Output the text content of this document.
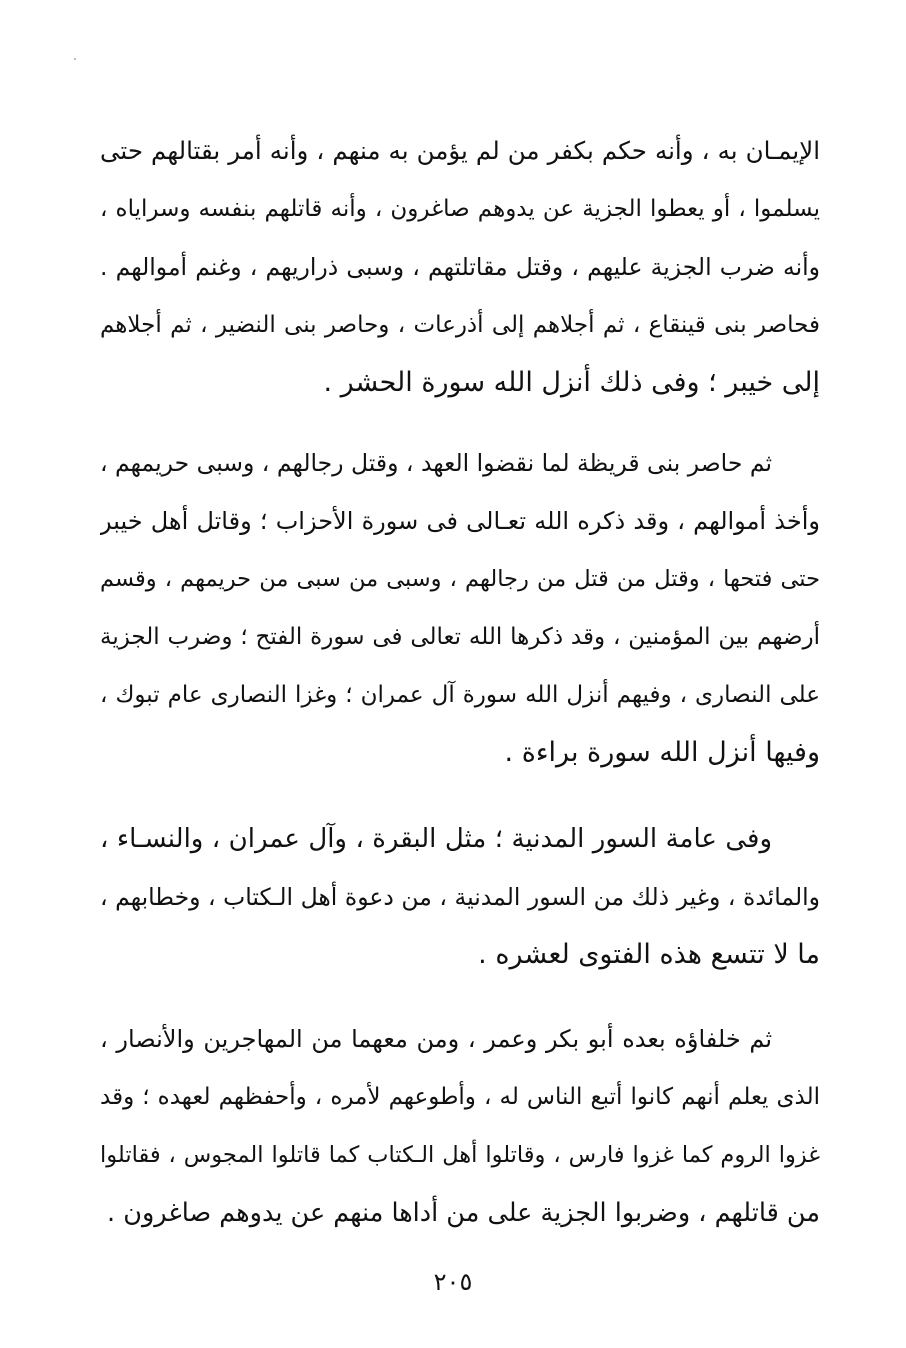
الإيمـان به ، وأنه حكم بكفر من لم يؤمن به منهم ، وأنه أمر بقتالهم حتى
يسلموا ، أو يعطوا الجزية عن يدوهم صاغرون ، وأنه قاتلهم بنفسه وسراياه ،
وأنه ضرب الجزية عليهم ، وقتل مقاتلتهم ، وسبى ذراريهم ، وغنم أموالهم .
فحاصر بنى قينقاع ، ثم أجلاهم إلى أذرعات ، وحاصر بنى النضير ، ثم أجلاهم
إلى خيبر ؛ وفى ذلك أنزل الله سورة الحشر .
ثم حاصر بنى قريظة لما نقضوا العهد ، وقتل رجالهم ، وسبى حريمهم ،
وأخذ أموالهم ، وقد ذكره الله تعـالى فى سورة الأحزاب ؛ وقاتل أهل خيبر
حتى فتحها ، وقتل من قتل من رجالهم ، وسبى من سبى من حريمهم ، وقسم
أرضهم بين المؤمنين ، وقد ذكرها الله تعالى فى سورة الفتح ؛ وضرب الجزية
على النصارى ، وفيهم أنزل الله سورة آل عمران ؛ وغزا النصارى عام تبوك ،
وفيها أنزل الله سورة براءة .
وفى عامة السور المدنية ؛ مثل البقرة ، وآل عمران ، والنسـاء ،
والمائدة ، وغير ذلك من السور المدنية ، من دعوة أهل الـكتاب ، وخطابهم ،
ما لا تتسع هذه الفتوى لعشره .
ثم خلفاؤه بعده أبو بكر وعمر ، ومن معهما من المهاجرين والأنصار ،
الذى يعلم أنهم كانوا أتبع الناس له ، وأطوعهم لأمره ، وأحفظهم لعهده ؛ وقد
غزوا الروم كما غزوا فارس ، وقاتلوا أهل الـكتاب كما قاتلوا المجوس ، فقاتلوا
من قاتلهم ، وضربوا الجزية على من أداها منهم عن يدوهم صاغرون .
٢٠٥
